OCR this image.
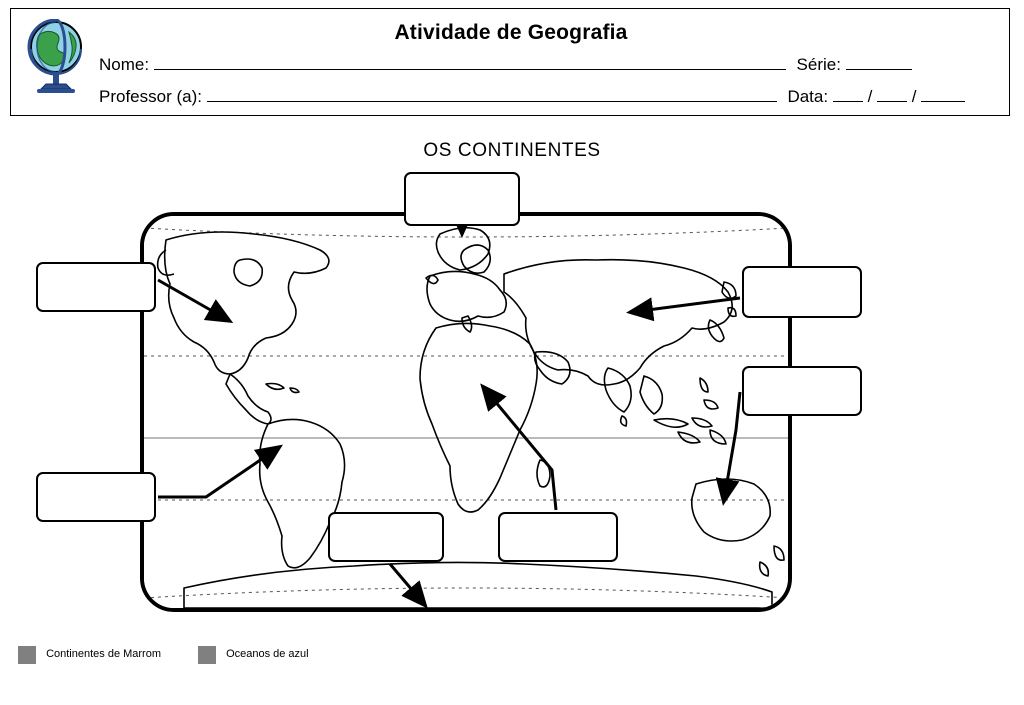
Atividade de Geografia
Nome:	Série:
Professor (a):	Data: / /
OS CONTINENTES
Continentes de Marrom	Oceanos de azul
